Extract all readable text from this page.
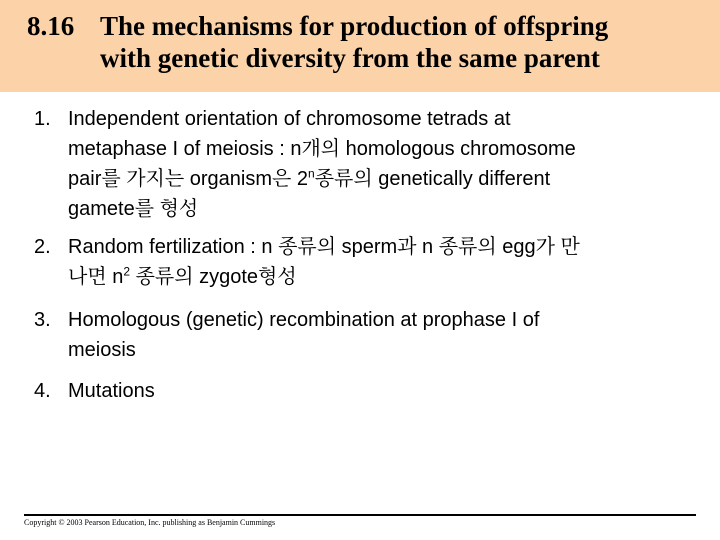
8.16 The mechanisms for production of offspring
with genetic diversity from the same parent
1. Independent orientation of chromosome tetrads at
metaphase I of meiosis : n개의 homologous chromosome
pair를 가지는 organism은 2$^n$종류의 genetically different
gamete를 형성
2. Random fertilization : n 종류의 sperm과 n 종류의 egg가 만
나면 $n^2$ 종류의 zygote형성
3. Homologous (genetic) recombination at prophase I of
meiosis
4. Mutations
Copyright © 2003 Pearson Education, Inc. publishing as Benjamin Cummings
